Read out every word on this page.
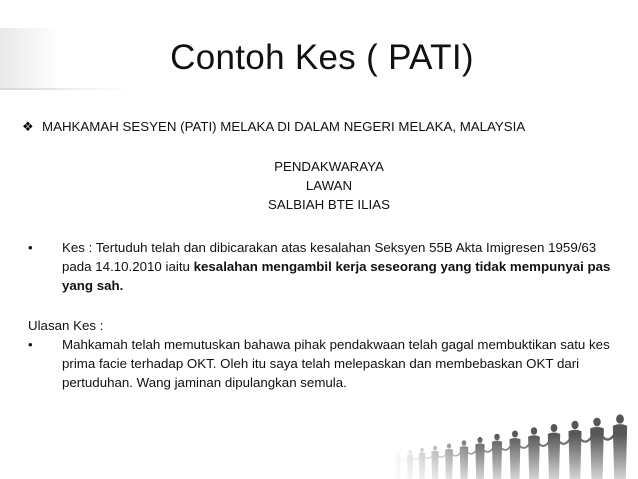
Contoh Kes ( PATI)
❖ MAHKAMAH SESYEN (PATI) MELAKA DI DALAM NEGERI MELAKA, MALAYSIA
PENDAKWARAYA
LAWAN
SALBIAH BTE ILIAS
•	Kes : Tertuduh telah dan dibicarakan atas kesalahan Seksyen 55B Akta Imigresen 1959/63 pada 14.10.2010 iaitu kesalahan mengambil kerja seseorang yang tidak mempunyai pas yang sah.
Ulasan Kes :
•	Mahkamah telah memutuskan bahawa pihak pendakwaan telah gagal membuktikan satu kes prima facie terhadap OKT. Oleh itu saya telah melepaskan dan membebaskan OKT dari pertuduhan. Wang jaminan dipulangkan semula.
